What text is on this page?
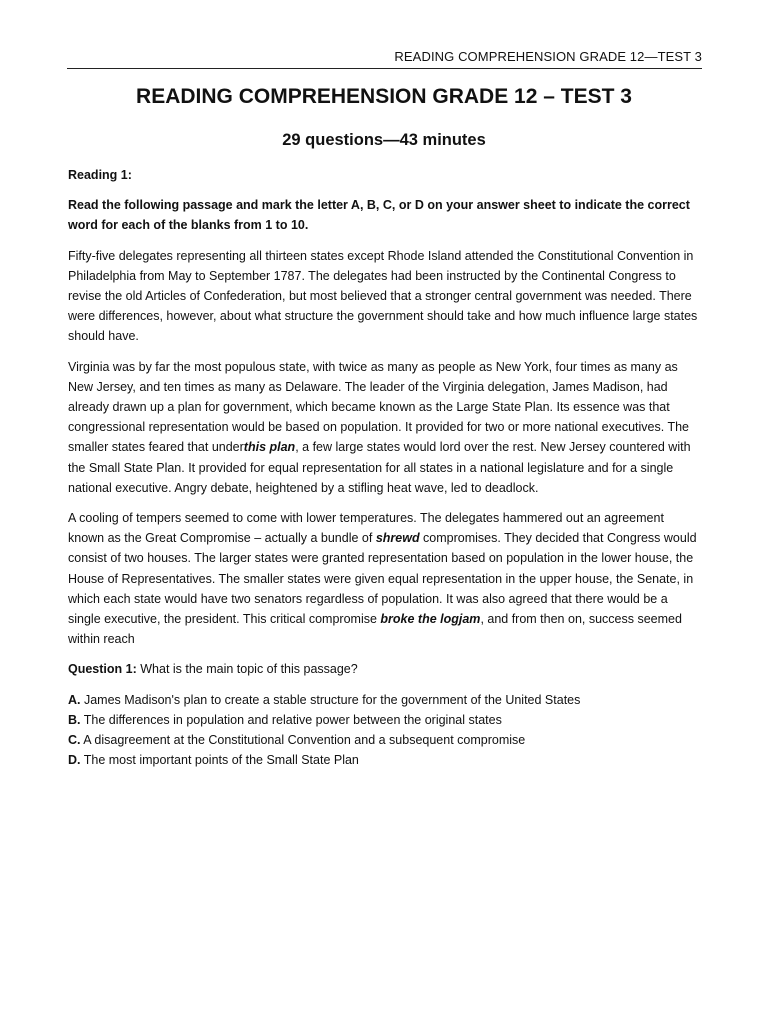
READING COMPREHENSION GRADE 12—TEST 3
READING COMPREHENSION GRADE 12 – TEST 3
29 questions—43 minutes

Reading 1:

Read the following passage and mark the letter A, B, C, or D on your answer sheet to indicate the correct word for each of the blanks from 1 to 10.

Fifty-five delegates representing all thirteen states except Rhode Island attended the Constitutional Convention in Philadelphia from May to September 1787. The delegates had been instructed by the Continental Congress to revise the old Articles of Confederation, but most believed that a stronger central government was needed. There were differences, however, about what structure the government should take and how much influence large states should have.

Virginia was by far the most populous state, with twice as many as people as New York, four times as many as New Jersey, and ten times as many as Delaware. The leader of the Virginia delegation, James Madison, had already drawn up a plan for government, which became known as the Large State Plan. Its essence was that congressional representation would be based on population. It provided for two or more national executives. The smaller states feared that underthis plan, a few large states would lord over the rest. New Jersey countered with the Small State Plan. It provided for equal representation for all states in a national legislature and for a single national executive. Angry debate, heightened by a stifling heat wave, led to deadlock.

A cooling of tempers seemed to come with lower temperatures. The delegates hammered out an agreement known as the Great Compromise – actually a bundle of shrewd compromises. They decided that Congress would consist of two houses. The larger states were granted representation based on population in the lower house, the House of Representatives. The smaller states were given equal representation in the upper house, the Senate, in which each state would have two senators regardless of population. It was also agreed that there would be a single executive, the president. This critical compromise broke the logjam, and from then on, success seemed within reach

Question 1: What is the main topic of this passage?

A. James Madison's plan to create a stable structure for the government of the United States
B. The differences in population and relative power between the original states
C. A disagreement at the Constitutional Convention and a subsequent compromise
D. The most important points of the Small State Plan
